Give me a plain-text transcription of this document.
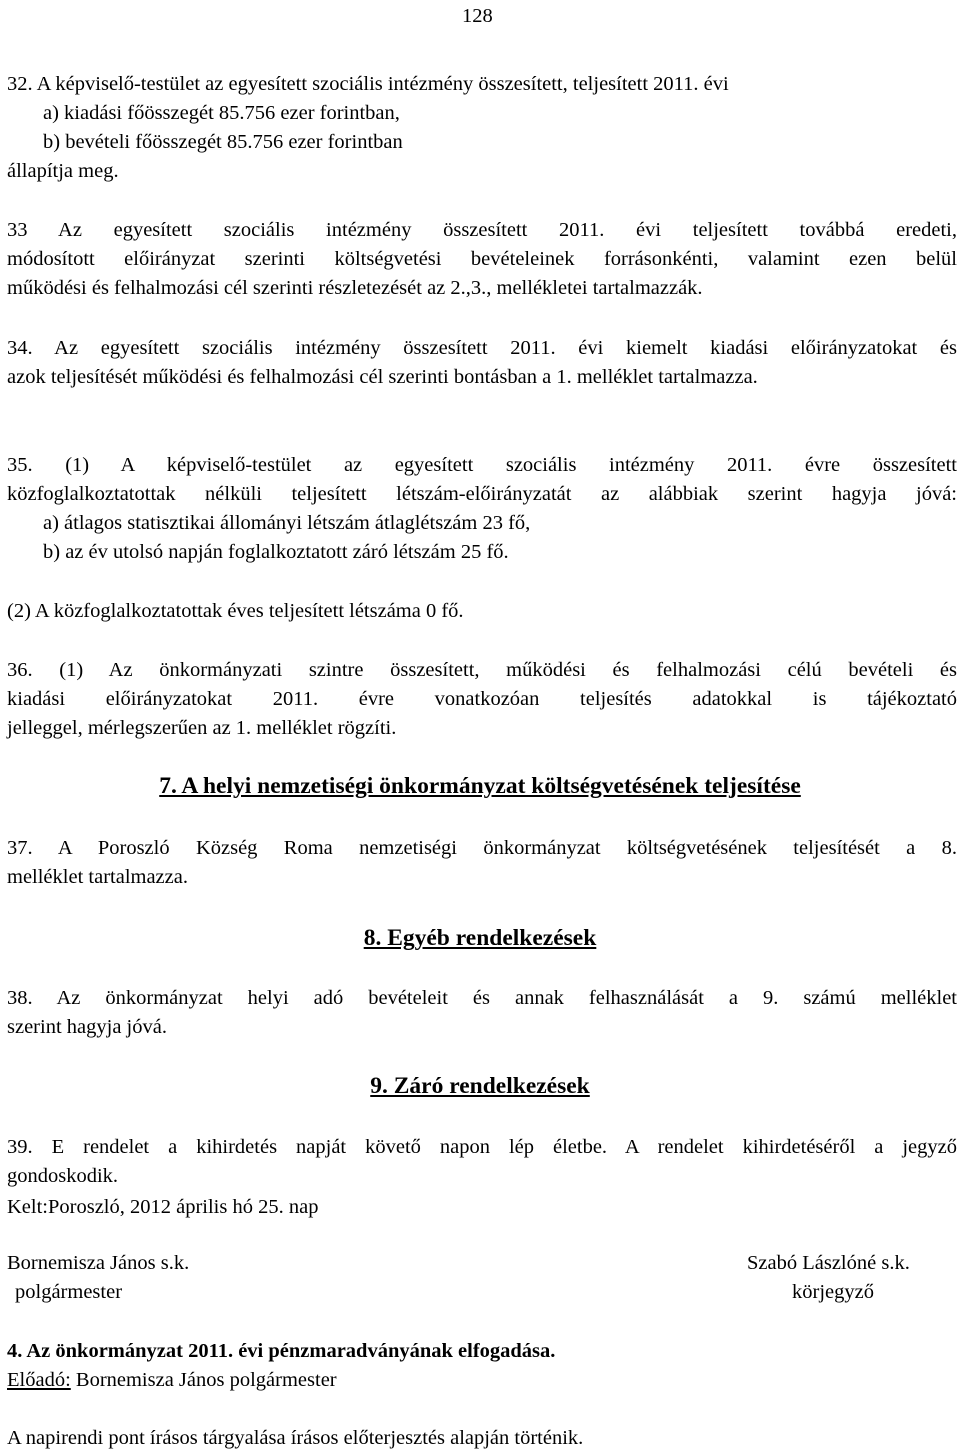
128
32. A képviselő-testület az egyesített szociális intézmény összesített, teljesített 2011. évi
a) kiadási főösszegét 85.756 ezer forintban,
b) bevételi főösszegét 85.756 ezer forintban
állapítja meg.
33 Az egyesített szociális intézmény összesített 2011. évi teljesített továbbá eredeti,
módosított előirányzat szerinti költségvetési bevételeinek forrásonkénti, valamint ezen belül
működési és felhalmozási cél szerinti részletezését az 2.,3., mellékletei tartalmazzák.
34. Az egyesített szociális intézmény összesített 2011. évi kiemelt kiadási előirányzatokat és
azok teljesítését működési és felhalmozási cél szerinti bontásban a 1. melléklet tartalmazza.
35. (1) A képviselő-testület az egyesített szociális intézmény 2011. évre összesített
közfoglalkoztatottak nélküli teljesített létszám-előirányzatát az alábbiak szerint hagyja jóvá:
a) átlagos statisztikai állományi létszám átlaglétszám 23 fő,
b) az év utolsó napján foglalkoztatott záró létszám 25 fő.
(2) A közfoglalkoztatottak éves teljesített létszáma 0 fő.
36. (1) Az önkormányzati szintre összesített, működési és felhalmozási célú bevételi és
kiadási előirányzatokat 2011. évre vonatkozóan teljesítés adatokkal is tájékoztató
jelleggel, mérlegszerűen az 1. melléklet rögzíti.
7. A helyi nemzetiségi önkormányzat költségvetésének teljesítése
37. A Poroszló Község Roma nemzetiségi önkormányzat költségvetésének teljesítését a 8.
melléklet tartalmazza.
8. Egyéb rendelkezések
38. Az önkormányzat helyi adó bevételeit és annak felhasználását a 9. számú melléklet
szerint hagyja jóvá.
9. Záró rendelkezések
39. E rendelet a kihirdetés napját követő napon lép életbe. A rendelet kihirdetéséről a jegyző
gondoskodik.
Kelt:Poroszló, 2012 április hó 25. nap
Bornemisza János s.k.
polgármester
Szabó Lászlóné s.k.
körjegyző
4. Az önkormányzat 2011. évi pénzmaradványának elfogadása.
Előadó: Bornemisza János polgármester
A napirendi pont írásos tárgyalása írásos előterjesztés alapján történik.
